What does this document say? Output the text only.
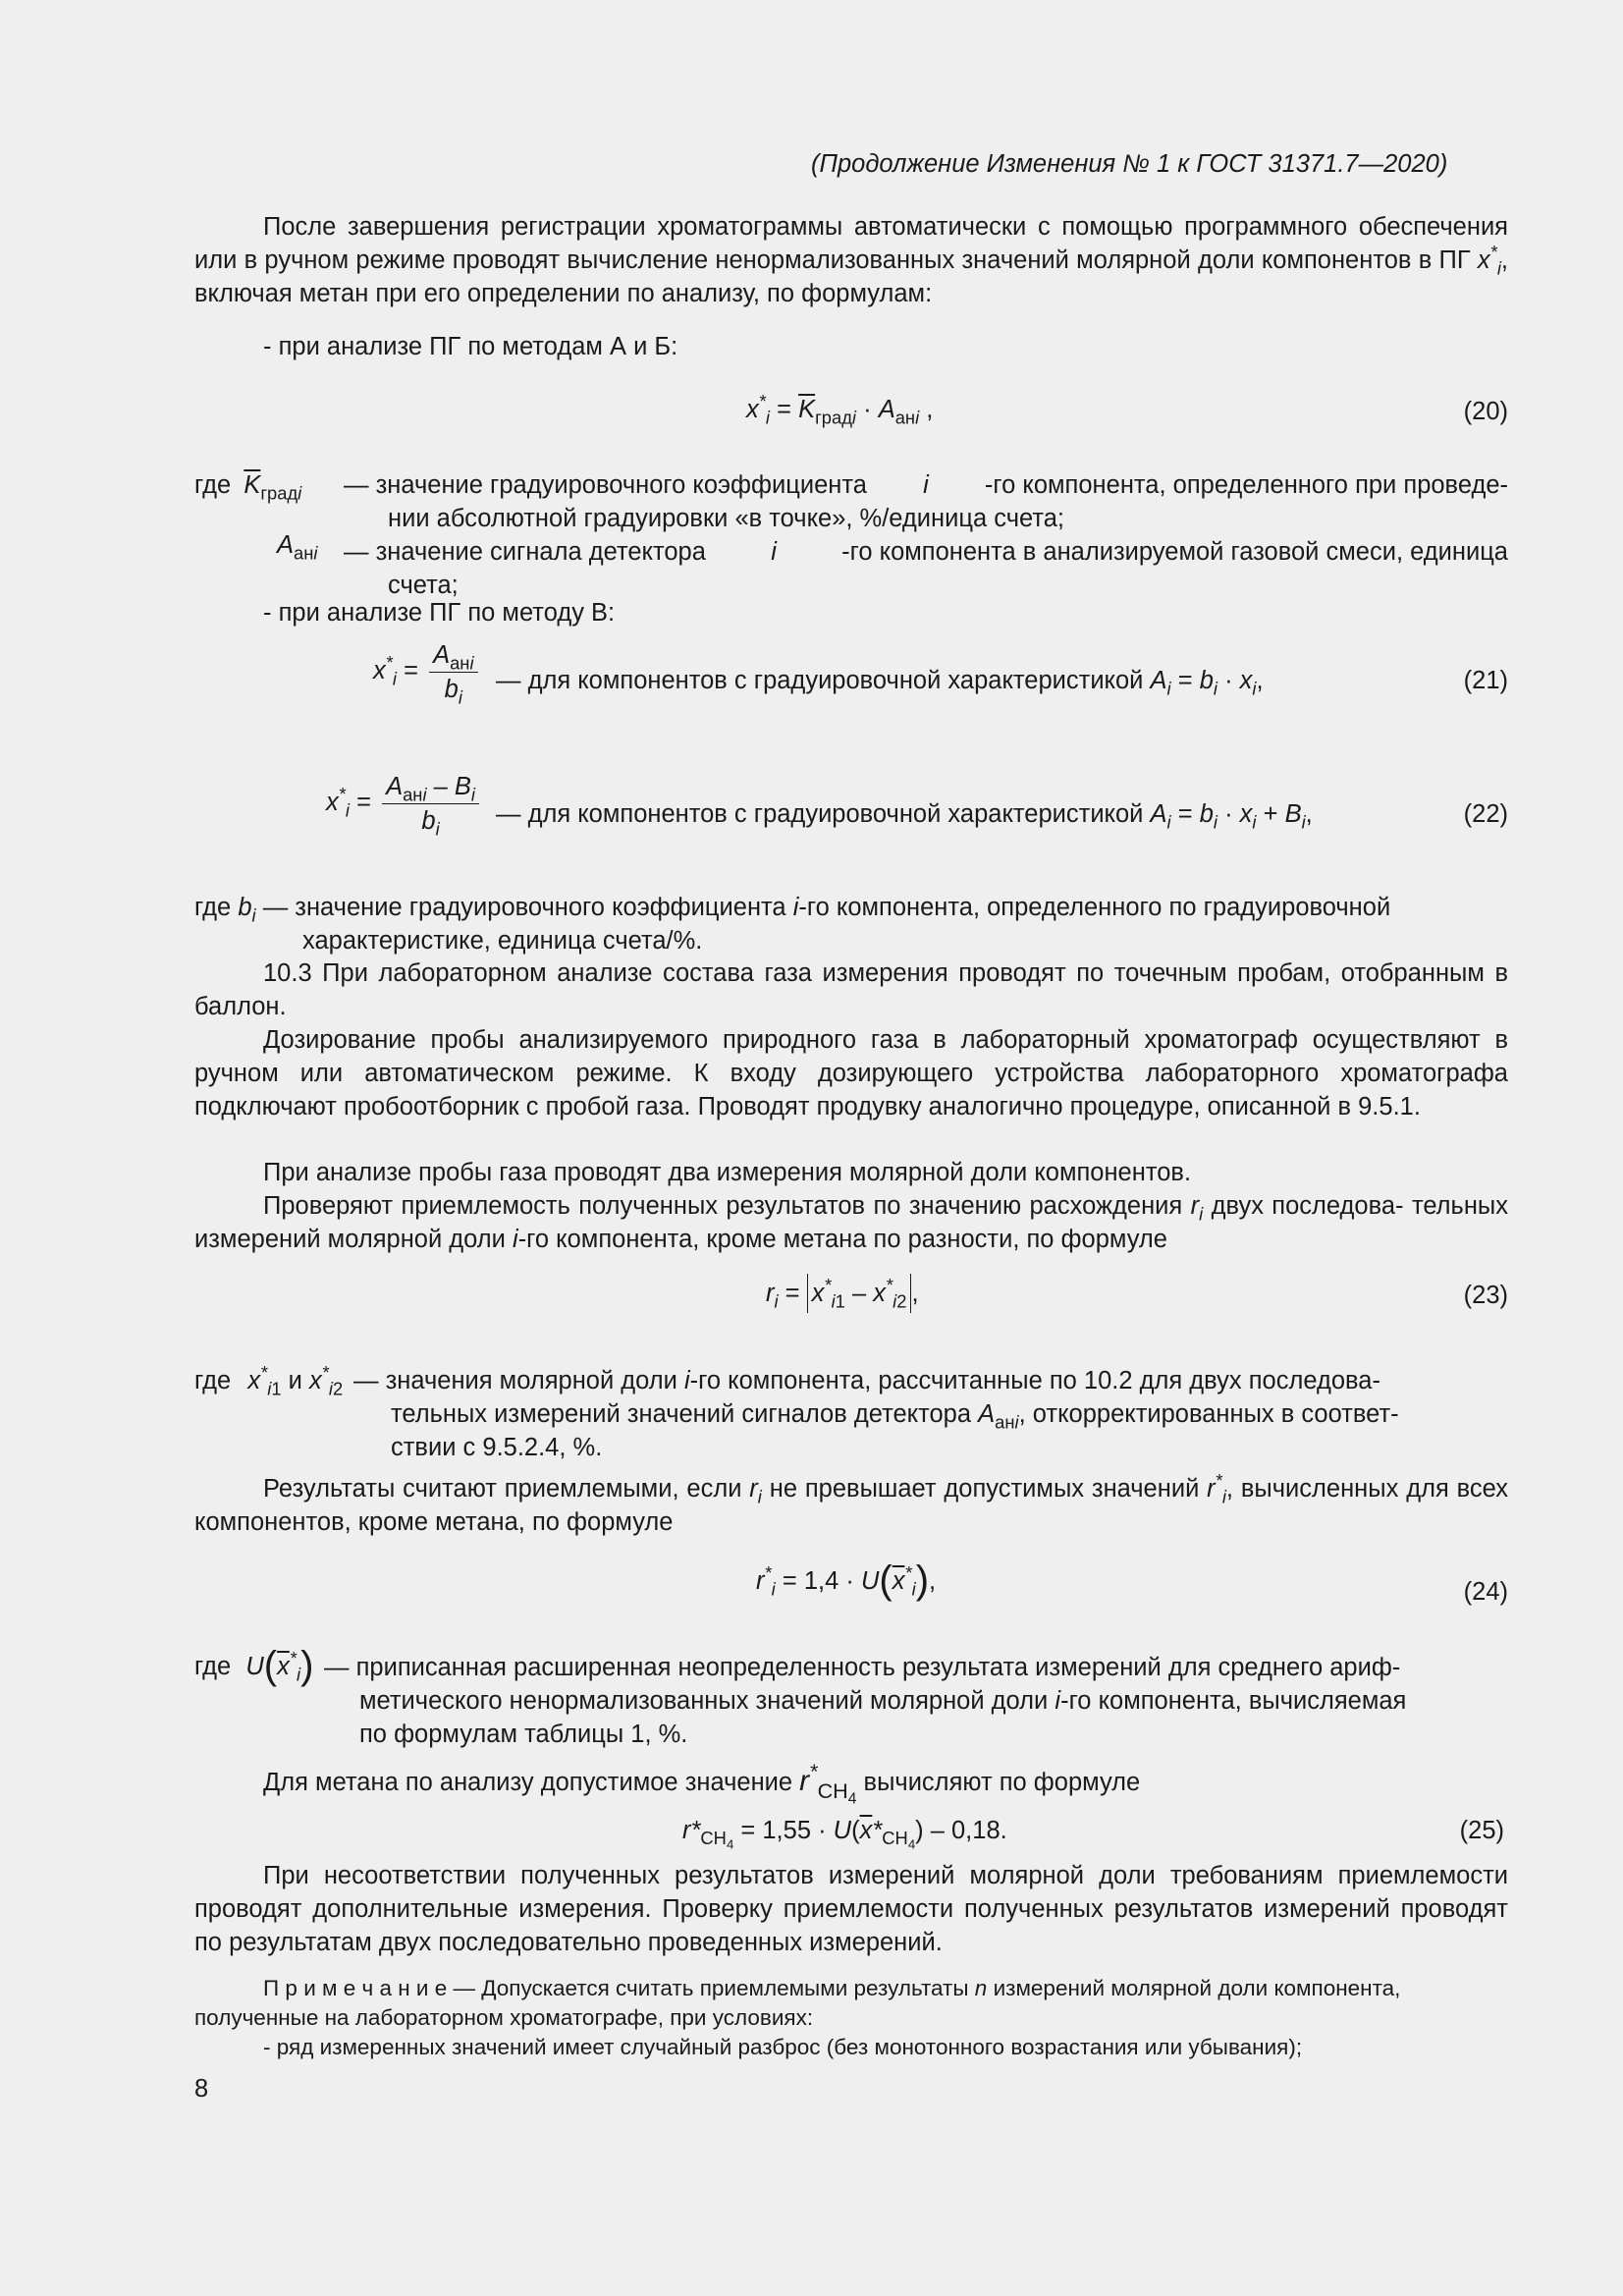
(Продолжение Изменения № 1 к ГОСТ 31371.7—2020)
После завершения регистрации хроматограммы автоматически с помощью программного обеспечения или в ручном режиме проводят вычисление ненормализованных значений молярной доли компонентов в ПГ $x^*_i$, включая метан при его определении по анализу, по формулам:
- при анализе ПГ по методам А и Б:
$x^*_i = \overline{K}_{градi} \cdot A_{анi}$ ,	(20)
где $\overline{K}_{градi}$ — значение градуировочного коэффициента i -го компонента, определенного при проведе-
нии абсолютной градуировки «в точке», %/единица счета;
$A_{анi}$ — значение сигнала детектора	i	-го компонента в анализируемой газовой смеси, единица
счета;
- при анализе ПГ по методу В:
$x^*_i = \frac{A_{анi}}{b_i}$ — для компонентов с градуировочной характеристикой $A_i = b_i \cdot x_i$,	(21)
$x^*_i = \frac{A_{анi} - B_i}{b_i}$ — для компонентов с градуировочной характеристикой $A_i = b_i \cdot x_i + B_i$,	(22)
где $b_i$ — значение градуировочного коэффициента i-го компонента, определенного по градуировочной
характеристике, единица счета/%.
10.3 При лабораторном анализе состава газа измерения проводят по точечным пробам, отобранным в баллон.
Дозирование пробы анализируемого природного газа в лабораторный хроматограф осуществляют в ручном или автоматическом режиме. К входу дозирующего устройства лабораторного хроматографа подключают пробоотборник с пробой газа. Проводят продувку аналогично процедуре, описанной в 9.5.1.
При анализе пробы газа проводят два измерения молярной доли компонентов.
Проверяют приемлемость полученных результатов по значению расхождения $r_i$ двух последова- тельных измерений молярной доли i-го компонента, кроме метана по разности, по формуле
$r_i = x^*_{i1} - x^*_{i2}$ ,	(23)
где $x^*_{i1}$ и $x^*_{i2}$ — значения молярной доли i-го компонента, рассчитанные по 10.2 для двух последова-
тельных измерений значений сигналов детектора $A_{анi}$, откорректированных в соответ-
ствии с 9.5.2.4, %.
Результаты считают приемлемыми, если $r_i$ не превышает допустимых значений $r^*_i$, вычисленных для всех компонентов, кроме метана, по формуле
$r^*_i = 1,4 \cdot U(\overline{x}^*_i)$,	(24)
где $U(\overline{x}^*_i)$ — приписанная расширенная неопределенность результата измерений для среднего ариф-
метического ненормализованных значений молярной доли i-го компонента, вычисляемая
по формулам таблицы 1, %.
Для метана по анализу допустимое значение $r^*_{CH_4}$ вычисляют по формуле
$r*_{CH_4} = 1,55 \cdot U(\overline{x}*_{CH_4}) - 0,18$.	(25)
При несоответствии полученных результатов измерений молярной доли требованиям приемлемости проводят дополнительные измерения. Проверку приемлемости полученных результатов измерений проводят по результатам двух последовательно проведенных измерений.
П р и м е ч а н и е — Допускается считать приемлемыми результаты n измерений молярной доли компонента,
полученные на лабораторном хроматографе, при условиях:
- ряд измеренных значений имеет случайный разброс (без монотонного возрастания или убывания);
8
